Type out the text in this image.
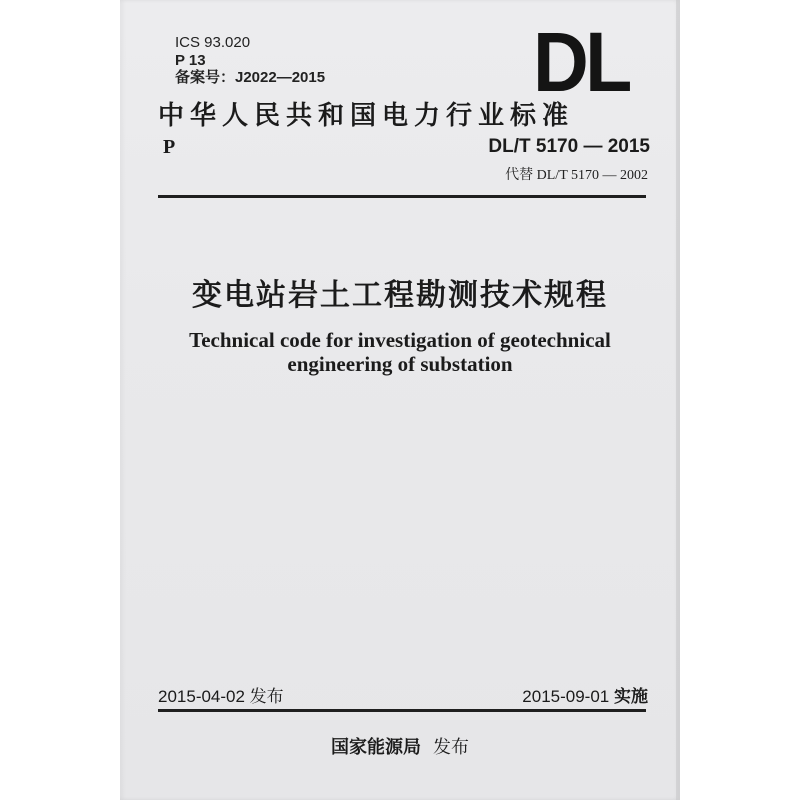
ICS 93.020
P 13
备案号：J2022—2015 DL
中华人民共和国电力行业标准
P	DL/T 5170 — 2015
代替 DL/T 5170 — 2002
变电站岩土工程勘测技术规程
Technical code for investigation of geotechnical
engineering of substation
2015-04-02 发布	2015-09-01 实施
国家能源局 发布
